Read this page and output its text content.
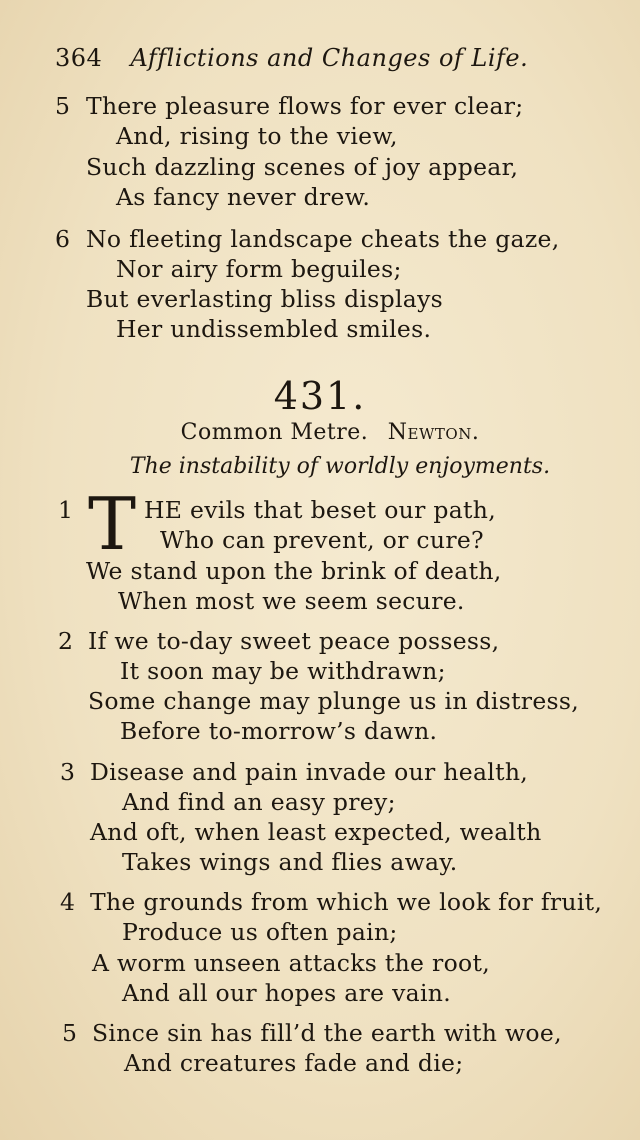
364 Afflictions and Changes of Life.
5 There pleasure flows for ever clear;
And, rising to the view,
Such dazzling scenes of joy appear,
As fancy never drew.
6 No fleeting landscape cheats the gaze,
Nor airy form beguiles;
But everlasting bliss displays
Her undissembled smiles.
431.
Common Metre. Newton.
The instability of worldly enjoyments.
1 T HE evils that beset our path,
Who can prevent, or cure?
We stand upon the brink of death,
When most we seem secure.
2 If we to-day sweet peace possess,
It soon may be withdrawn;
Some change may plunge us in distress,
Before to-morrow’s dawn.
3 Disease and pain invade our health,
And find an easy prey;
And oft, when least expected, wealth
Takes wings and flies away.
4 The grounds from which we look for fruit,
Produce us often pain;
A worm unseen attacks the root,
And all our hopes are vain.
5 Since sin has fill’d the earth with woe,
And creatures fade and die;
